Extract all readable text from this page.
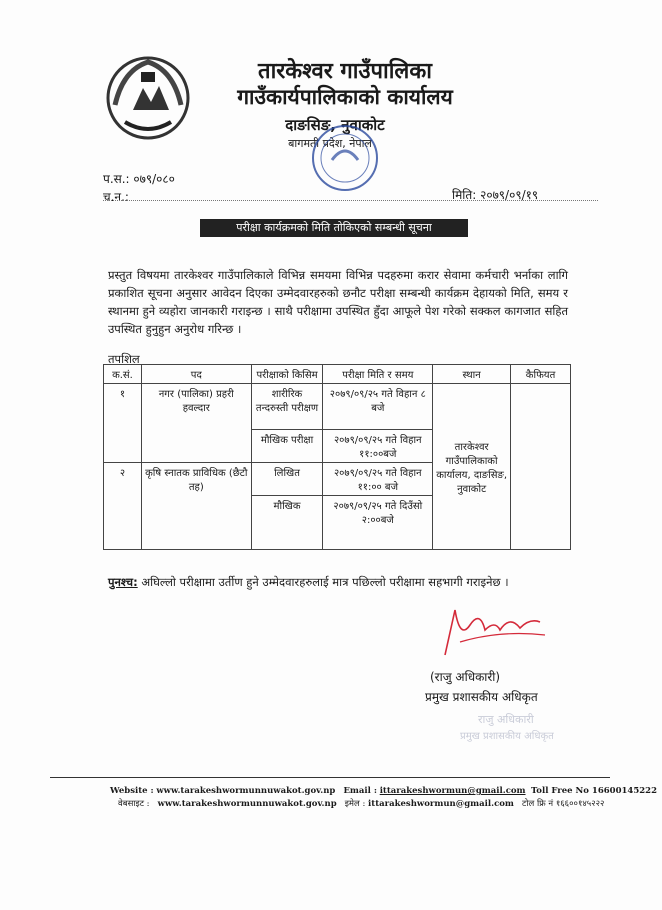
तारकेश्वर गाउँपालिका
गाउँकार्यपालिकाको कार्यालय
दाङसिङ, नुवाकोट
बागमती प्रदेश, नेपाल
प.स.: ०७९/०८०
च.न.:	मिति: २०७९/०९/१९
परीक्षा कार्यक्रमको मिति तोकिएको सम्बन्धी सूचना
प्रस्तुत विषयमा तारकेश्वर गाउँपालिकाले विभिन्न समयमा विभिन्न पदहरुमा करार सेवामा कर्मचारी भर्नाका लागि प्रकाशित सूचना अनुसार आवेदन दिएका उम्मेदवारहरुको छनौट परीक्षा सम्बन्धी कार्यक्रम देहायको मिति, समय र स्थानमा हुने व्यहोरा जानकारी गराइन्छ । साथै परीक्षामा उपस्थित हुँदा आफूले पेश गरेको सक्कल कागजात सहित उपस्थित हुनुहुन अनुरोध गरिन्छ ।
तपशिल
क.सं.	पद	परीक्षाको किसिम	परीक्षा मिति र समय	स्थान	कैफियत
१	नगर (पालिका) प्रहरी हवल्दार	शारीरिक तन्दरुस्ती परीक्षण	२०७९/०९/२५ गते विहान ८ बजे	तारकेश्वर गाउँपालिकाको कार्यालय, दाङसिङ, नुवाकोट	
		मौखिक परीक्षा	२०७९/०९/२५ गते विहान ११:००बजे		
२	कृषि स्नातक प्राविधिक (छैटौ तह)	लिखित	२०७९/०९/२५ गते विहान ११:०० बजे		
		मौखिक	२०७९/०९/२५ गते दिउँसो २:००बजे		
पुनश्च: अघिल्लो परीक्षामा उर्तीण हुने उम्मेदवारहरुलाई मात्र पछिल्लो परीक्षामा सहभागी गराइनेछ ।
(राजु अधिकारी)
प्रमुख प्रशासकीय अधिकृत
राजु अधिकारी
प्रमुख प्रशासकीय अधिकृत
Website : www.tarakeshwormunnuwakot.gov.np Email : ittarakeshwormun@gmail.com Toll Free No 16600145222
वेबसाइट : www.tarakeshwormunnuwakot.gov.np इमेल : ittarakeshwormun@gmail.com टोल फ्रि नं १६६००१४५२२२
